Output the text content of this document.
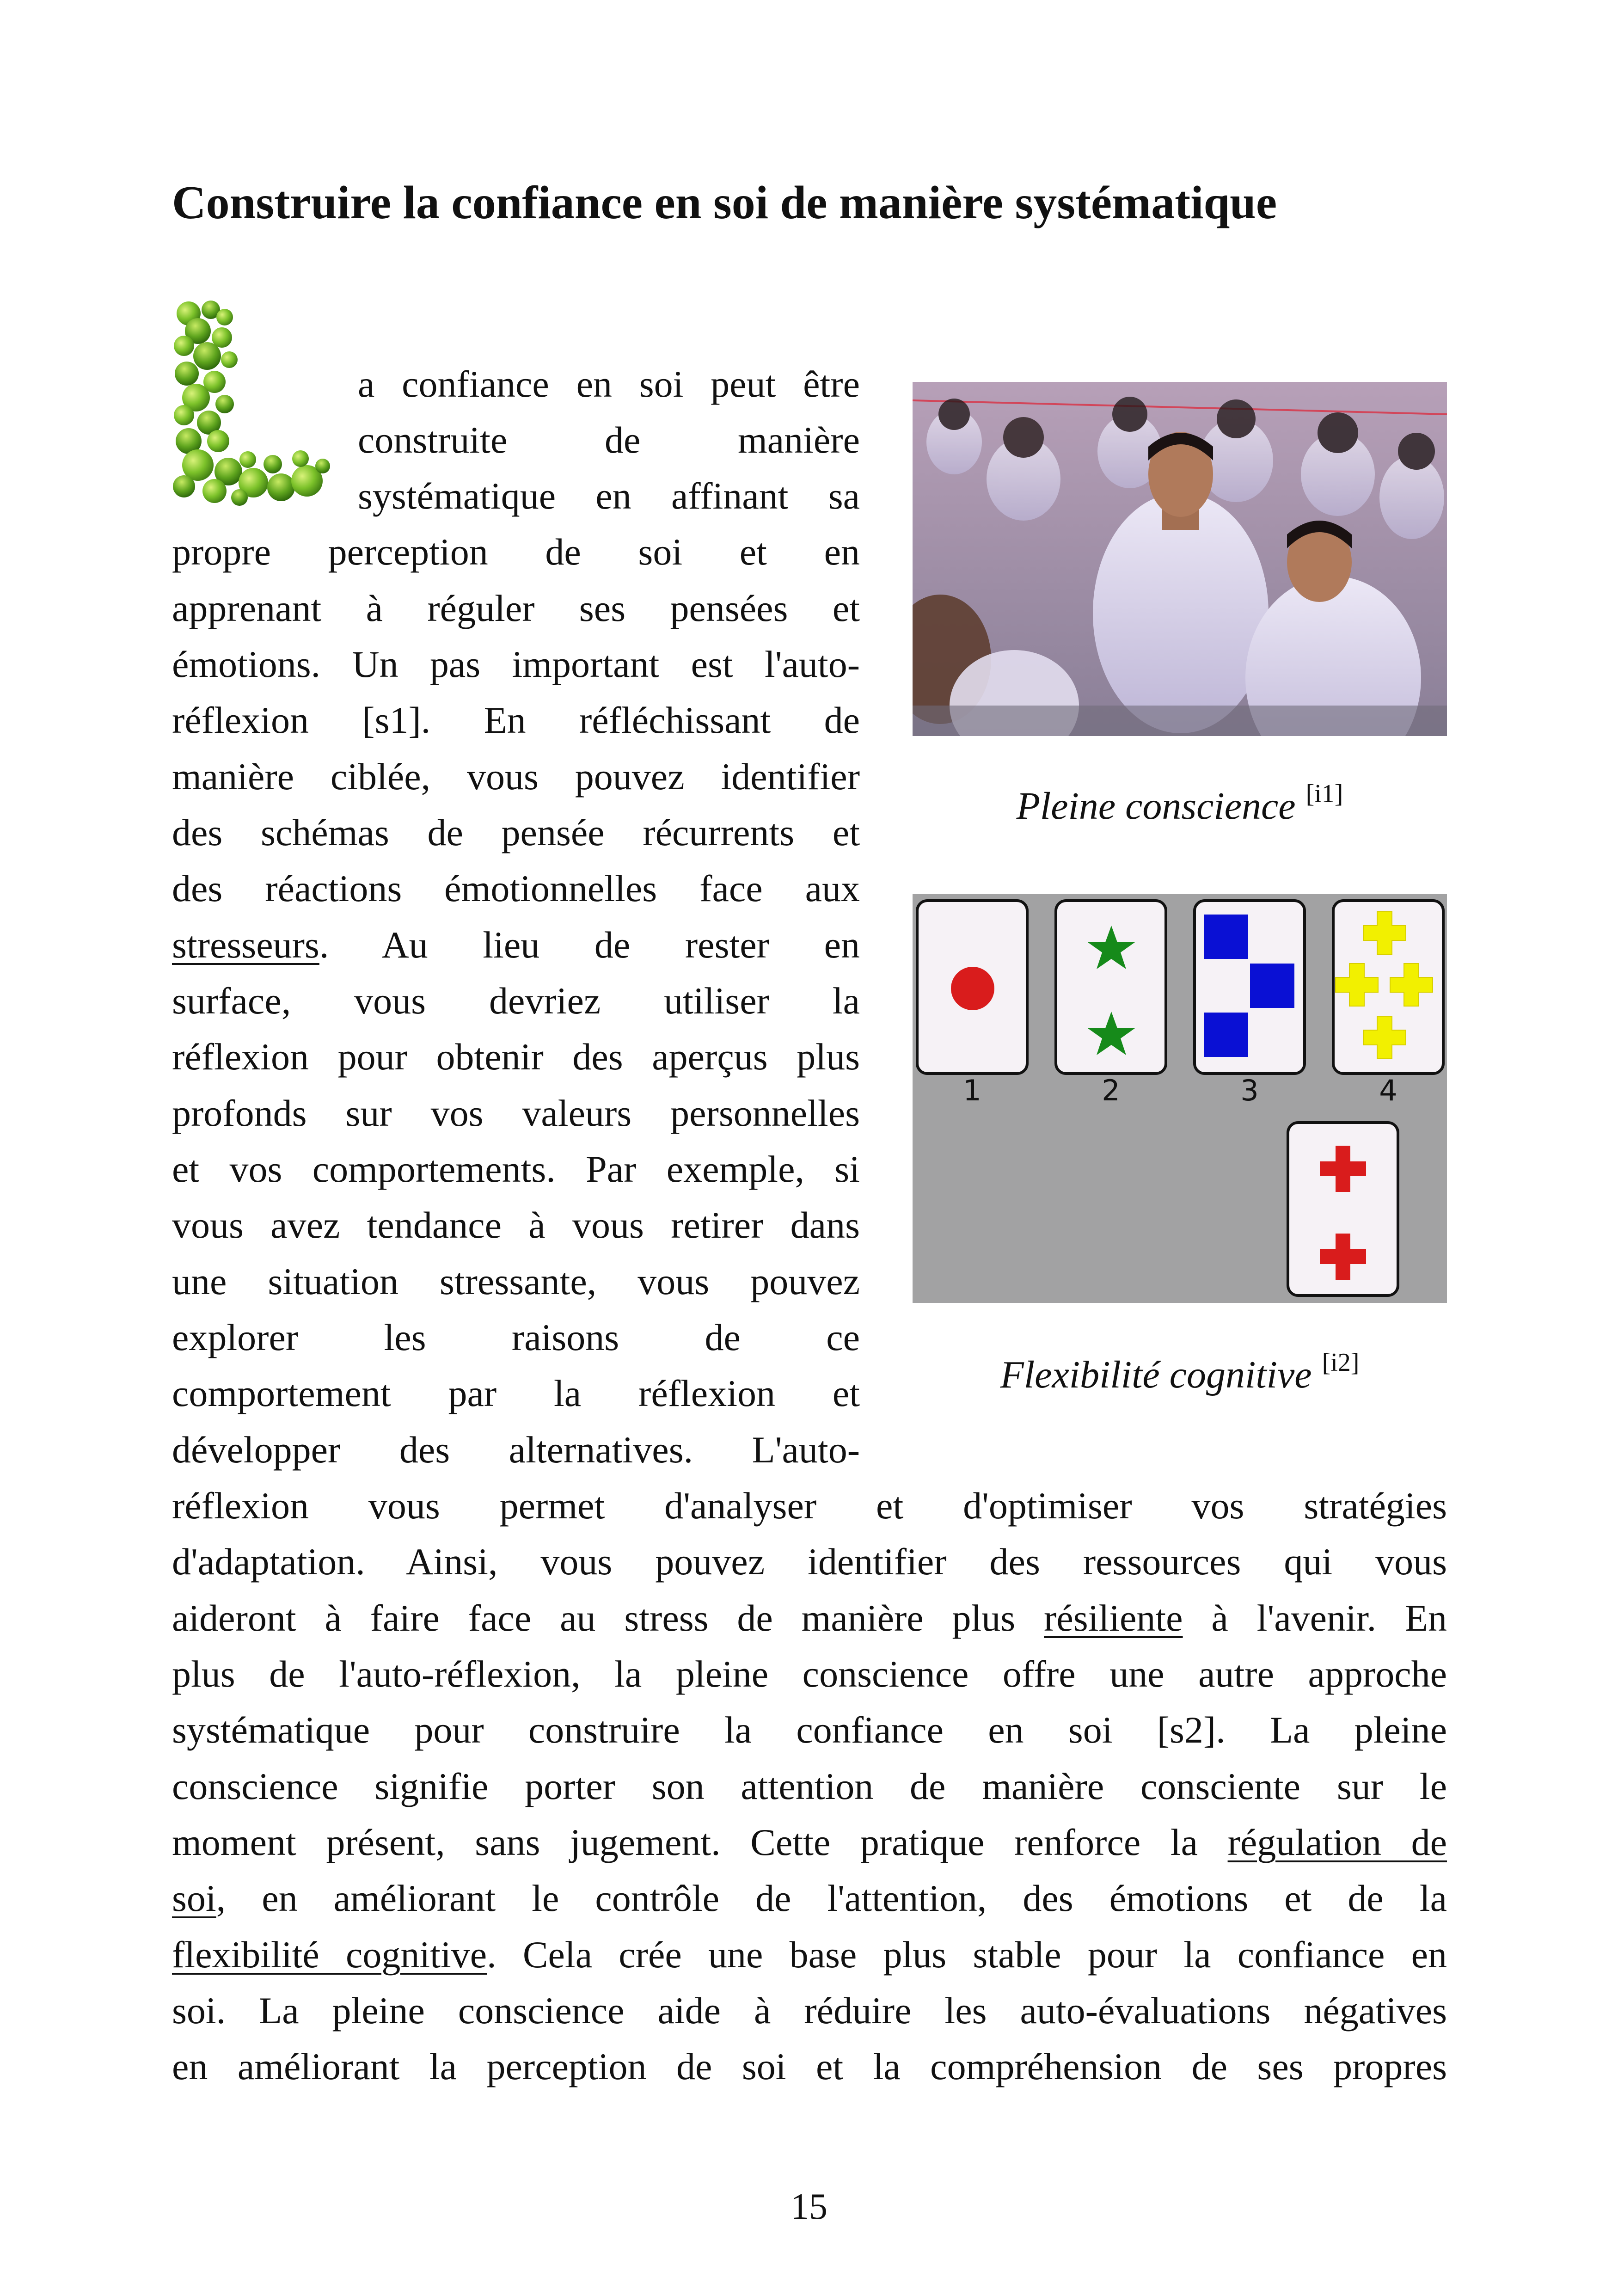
Construire la confiance en soi de manière systématique
a confiance en soi peut être
construite de manière
systématique en affinant sa
propre perception de soi et en
apprenant à réguler ses pensées et
émotions. Un pas important est l'auto-
réflexion [s1]. En réfléchissant de
manière ciblée, vous pouvez identifier
des schémas de pensée récurrents et
des réactions émotionnelles face aux
stresseurs. Au lieu de rester en
surface, vous devriez utiliser la
réflexion pour obtenir des aperçus plus
profonds sur vos valeurs personnelles
et vos comportements. Par exemple, si
vous avez tendance à vous retirer dans
une situation stressante, vous pouvez
explorer les raisons de ce
comportement par la réflexion et
développer des alternatives. L'auto-
réflexion vous permet d'analyser et d'optimiser vos stratégies
d'adaptation. Ainsi, vous pouvez identifier des ressources qui vous
aideront à faire face au stress de manière plus résiliente à l'avenir. En
plus de l'auto-réflexion, la pleine conscience offre une autre approche
systématique pour construire la confiance en soi [s2]. La pleine
conscience signifie porter son attention de manière consciente sur le
moment présent, sans jugement. Cette pratique renforce la régulation de
soi, en améliorant le contrôle de l'attention, des émotions et de la
flexibilité cognitive. Cela crée une base plus stable pour la confiance en
soi. La pleine conscience aide à réduire les auto-évaluations négatives
en améliorant la perception de soi et la compréhension de ses propres
Pleine conscience [i1]
1	2	3	4
Flexibilité cognitive [i2]
15
